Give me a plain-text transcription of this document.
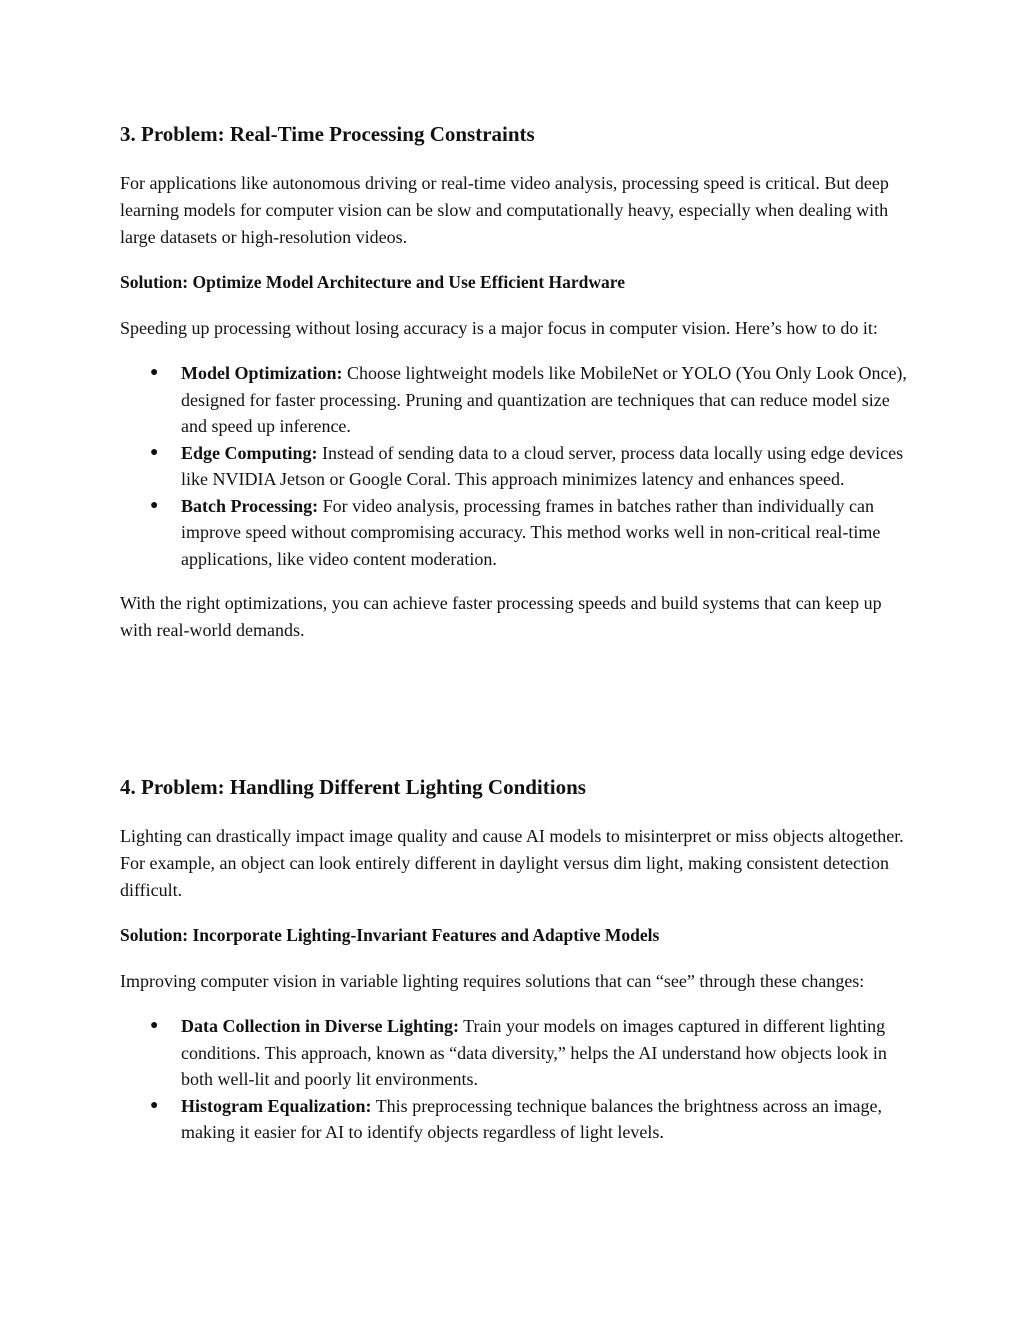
3. Problem: Real-Time Processing Constraints

For applications like autonomous driving or real-time video analysis, processing speed is critical. But deep learning models for computer vision can be slow and computationally heavy, especially when dealing with large datasets or high-resolution videos.

Solution: Optimize Model Architecture and Use Efficient Hardware

Speeding up processing without losing accuracy is a major focus in computer vision. Here’s how to do it:

● Model Optimization: Choose lightweight models like MobileNet or YOLO (You Only Look Once), designed for faster processing. Pruning and quantization are techniques that can reduce model size and speed up inference.
● Edge Computing: Instead of sending data to a cloud server, process data locally using edge devices like NVIDIA Jetson or Google Coral. This approach minimizes latency and enhances speed.
● Batch Processing: For video analysis, processing frames in batches rather than individually can improve speed without compromising accuracy. This method works well in non-critical real-time applications, like video content moderation.

With the right optimizations, you can achieve faster processing speeds and build systems that can keep up with real-world demands.

4. Problem: Handling Different Lighting Conditions

Lighting can drastically impact image quality and cause AI models to misinterpret or miss objects altogether. For example, an object can look entirely different in daylight versus dim light, making consistent detection difficult.

Solution: Incorporate Lighting-Invariant Features and Adaptive Models

Improving computer vision in variable lighting requires solutions that can “see” through these changes:

● Data Collection in Diverse Lighting: Train your models on images captured in different lighting conditions. This approach, known as “data diversity,” helps the AI understand how objects look in both well-lit and poorly lit environments.
● Histogram Equalization: This preprocessing technique balances the brightness across an image, making it easier for AI to identify objects regardless of light levels.
